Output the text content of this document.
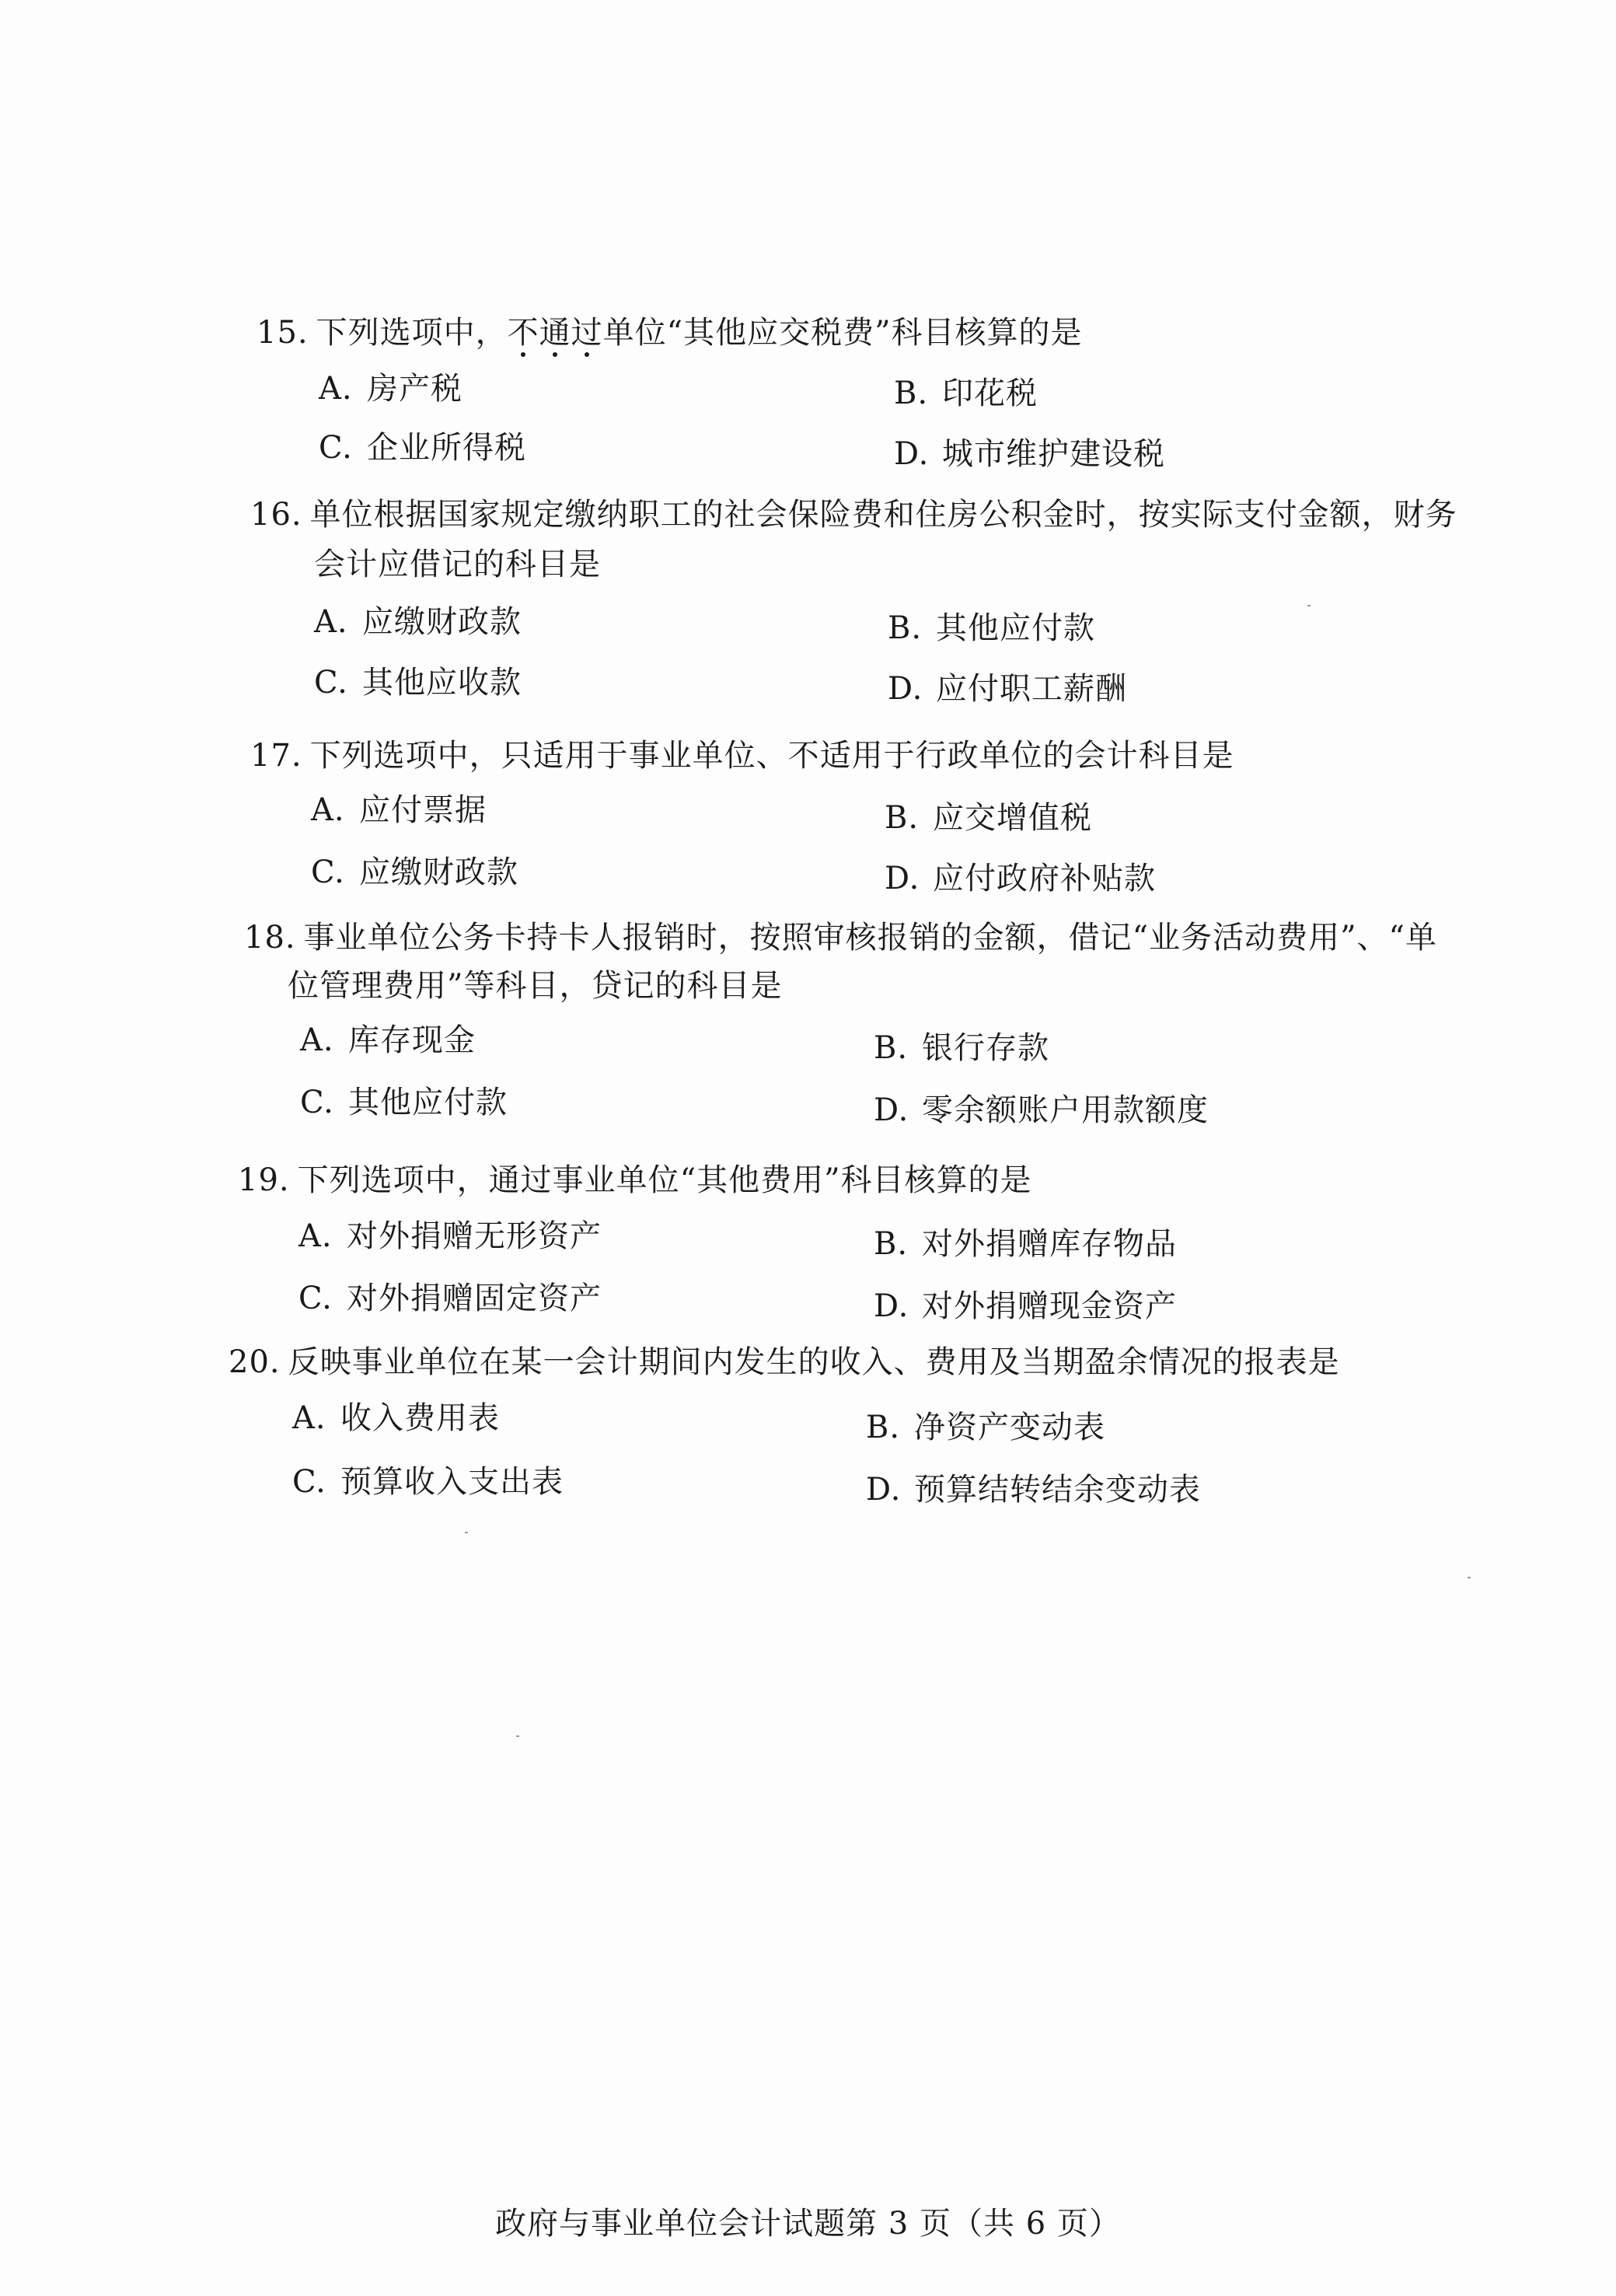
15. 下列选项中，不通过单位“其他应交税费”科目核算的是
A. 房产税	B. 印花税
C. 企业所得税	D. 城市维护建设税
16. 单位根据国家规定缴纳职工的社会保险费和住房公积金时，按实际支付金额，财务
会计应借记的科目是
A. 应缴财政款	B. 其他应付款
C. 其他应收款	D. 应付职工薪酬
17. 下列选项中，只适用于事业单位、不适用于行政单位的会计科目是
A. 应付票据	B. 应交增值税
C. 应缴财政款	D. 应付政府补贴款
18. 事业单位公务卡持卡人报销时，按照审核报销的金额，借记“业务活动费用”、“单
位管理费用”等科目，贷记的科目是
A. 库存现金	B. 银行存款
C. 其他应付款	D. 零余额账户用款额度
19. 下列选项中，通过事业单位“其他费用”科目核算的是
A. 对外捐赠无形资产	B. 对外捐赠库存物品
C. 对外捐赠固定资产	D. 对外捐赠现金资产
20. 反映事业单位在某一会计期间内发生的收入、费用及当期盈余情况的报表是
A. 收入费用表	B. 净资产变动表
C. 预算收入支出表	D. 预算结转结余变动表
政府与事业单位会计试题第 3 页（共 6 页）
